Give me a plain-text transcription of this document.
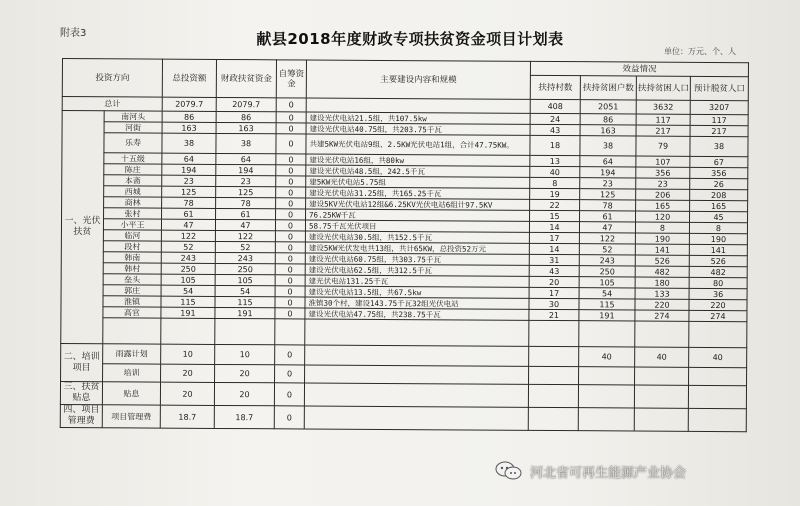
附表3	献县2018年度财政专项扶贫资金项目计划表
单位：万元、个、人
投资方向		总投资额	财政扶贫资金	自筹资金	主要建设内容和规模	效益情况			
						扶持村数	扶持贫困户数	扶持贫困人口	预计脱贫人口
总计		2079.7	2079.7	0		408	2051	3632	3207
一、光伏扶贫	南河头	86	86	0	建设光伏电站21.5组，共107.5kw	24	86	117	117
	河街	163	163	0	建设光伏电站40.75组，共203.75千瓦	43	163	217	217
	乐寿	38	38	0	共建5KW光伏电站9组、2.5KW光伏电站1组，合计47.75KW。	18	38	79	38
	十五级	64	64	0	建设光伏电站16组，共80kw	13	64	107	67
	陈庄	194	194	0	建设光伏电站48.5组，242.5千瓦	40	194	356	356
	本斋	23	23	0	建5KW光伏电站5.75组	8	23	23	26
	西城	125	125	0	建设光伏电站31.25组，共165.25千瓦	19	125	206	208
	商林	78	78	0	建设5KV光伏电站12组&6.25KV光伏电站6组计97.5KV	22	78	165	165
	张村	61	61	0	76.25KW千瓦	15	61	120	45
	小平王	47	47	0	58.75千瓦光伏项目	14	47	8	8
	临河	122	122	0	建设光伏电站30.5组，共152.5千瓦	17	122	190	190
	段村	52	52	0	建设5KW光伏发电共13组，共计65KW，总投资52万元	14	52	141	141
	韩南	243	243	0	建设光伏电站60.75组，共303.75千瓦	31	243	526	526
	韩村	250	250	0	建设光伏电站62.5组，共312.5千瓦	43	250	482	482
	垒头	105	105	0	建光伏电站131.25千瓦	20	105	180	80
	郭庄	54	54	0	建设光伏电站13.5组，共67.5kw	17	54	133	36
	淮镇	115	115	0	淮镇30个村，建设143.75千瓦32组光伏电站	30	115	220	220
	高官	191	191	0	建设光伏电站47.75组，共238.75千瓦	21	191	274	274

二、培训项目	雨露计划	10	10	0			40	40	40
	培训	20	20	0					
三、扶贫贴息	贴息	20	20	0					
四、项目管理费	项目管理费	18.7	18.7	0					
河北省可再生能源产业协会
